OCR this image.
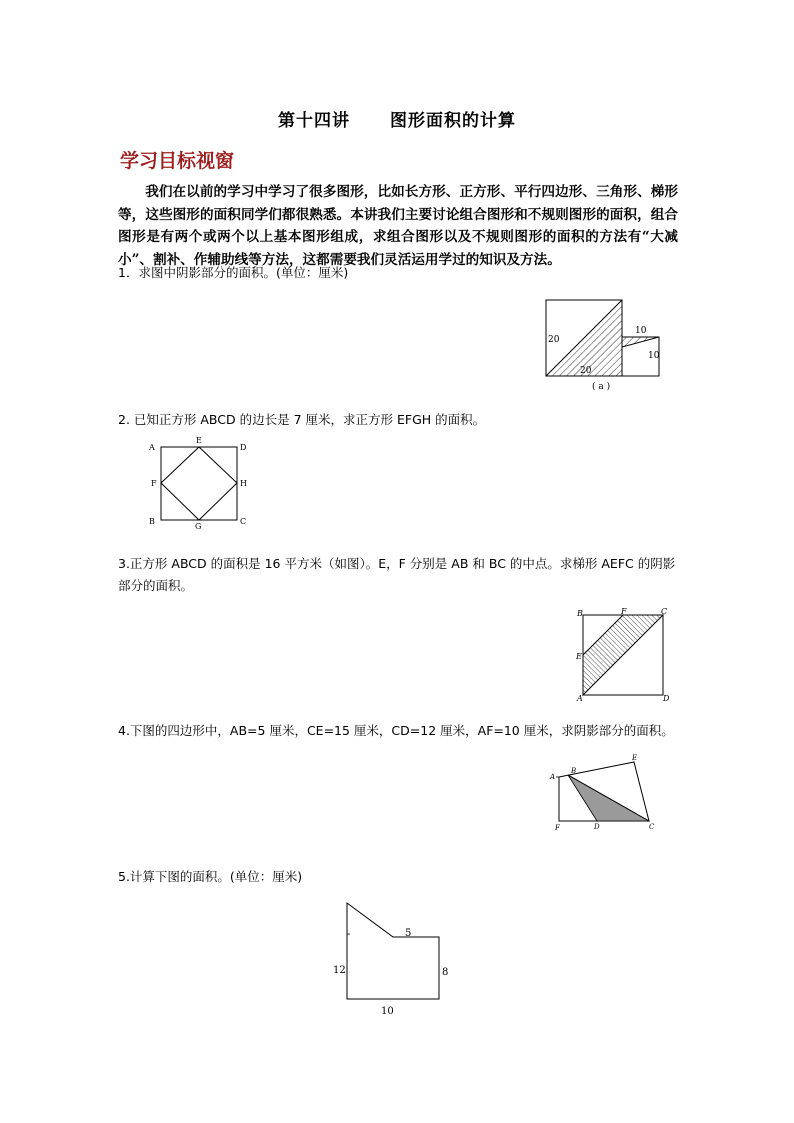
第十四讲 图形面积的计算
学习目标视窗
我们在以前的学习中学习了很多图形，比如长方形、正方形、平行四边形、三角形、梯形等，这些图形的面积同学们都很熟悉。本讲我们主要讨论组合图形和不规则图形的面积，组合图形是有两个或两个以上基本图形组成，求组合图形以及不规则图形的面积的方法有“大减小”、割补、作辅助线等方法，这都需要我们灵活运用学过的知识及方法。
1．求图中阴影部分的面积。(单位：厘米)
20
20
10
10
( a )
2. 已知正方形 ABCD 的边长是 7 厘米，求正方形 EFGH 的面积。
A
E
D
F	H
B
G
C
3.正方形 ABCD 的面积是 16 平方米（如图）。E，F 分别是 AB 和 BC 的中点。求梯形 AEFC 的阴影部分的面积。
B	F	C
E
A	D
4.下图的四边形中，AB=5 厘米，CE=15 厘米，CD=12 厘米，AF=10 厘米，求阴影部分的面积。
A
B
E
F	D	C
5.计算下图的面积。(单位：厘米)
5
12	8
10
